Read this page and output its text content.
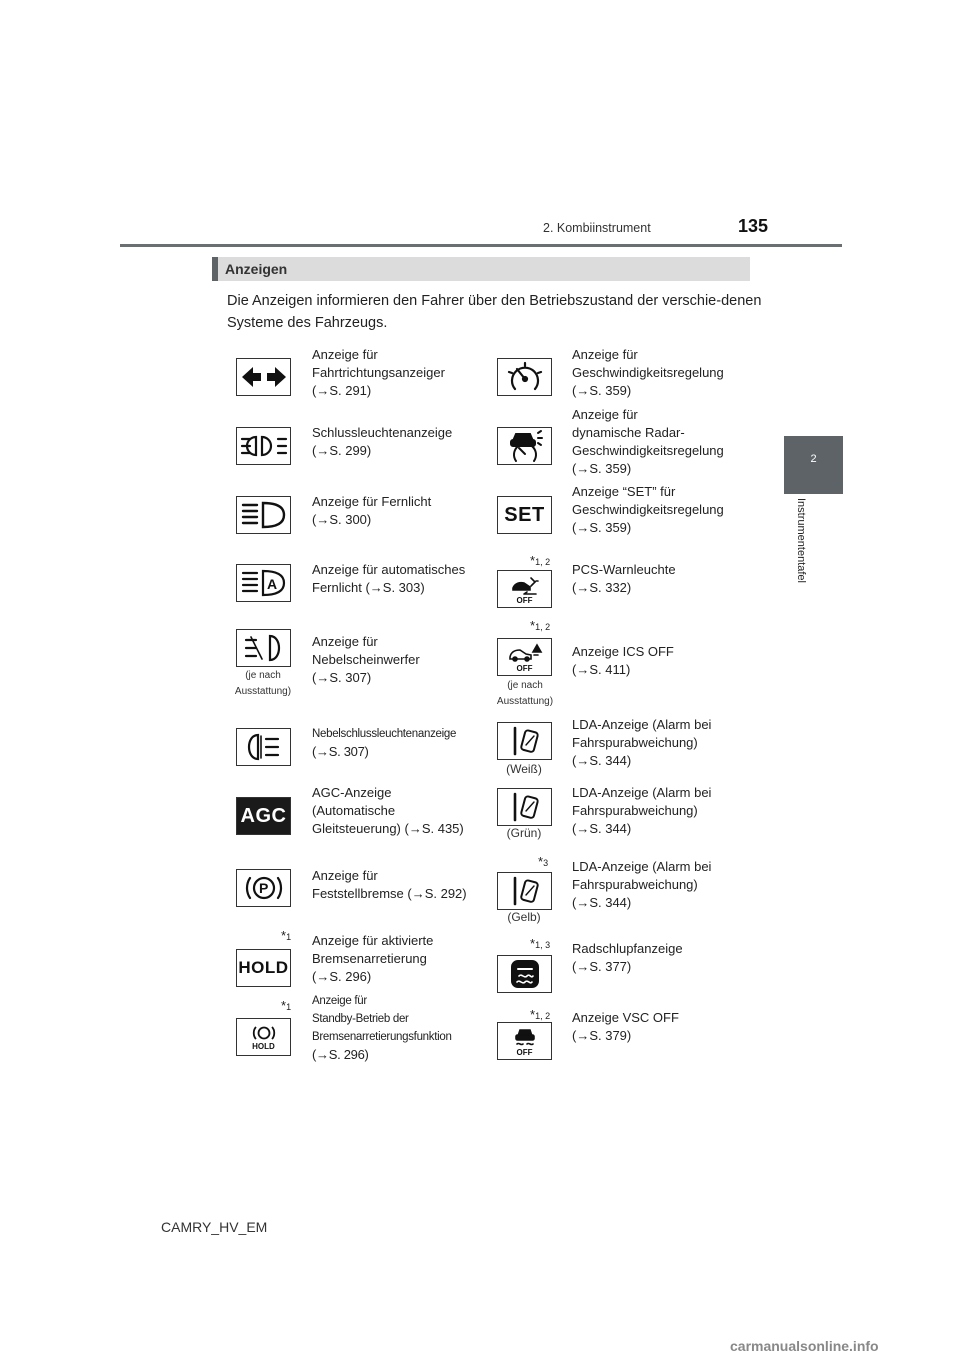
2. Kombiinstrument	135
2
Instrumententafel
Anzeigen
Die Anzeigen informieren den Fahrer über den Betriebszustand der verschie-denen Systeme des Fahrzeugs.
Anzeige für
Fahrtrichtungsanzeiger
(→S. 291)
Schlussleuchtenanzeige
(→S. 299)
Anzeige für Fernlicht
(→S. 300)
A
Anzeige für automatisches
Fernlicht (→S. 303)
(je nach Ausstattung)
Anzeige für
Nebelscheinwerfer
(→S. 307)
Nebelschlussleuchtenanzeige
(→S. 307)
AGC
AGC-Anzeige
(Automatische
Gleitsteuerung) (→S. 435)
P
Anzeige für
Feststellbremse (→S. 292)
$*_1$
HOLD
Anzeige für aktivierte
Bremsenarretierung
(→S. 296)
$*_1$
HOLD
Anzeige für
Standby-Betrieb der
Bremsenarretierungsfunktion
(→S. 296)
Anzeige für
Geschwindigkeitsregelung
(→S. 359)
Anzeige für
dynamische Radar-
Geschwindigkeitsregelung
(→S. 359)
SET
Anzeige “SET” für
Geschwindigkeitsregelung
(→S. 359)
$*_{1, 2}$
OFF
PCS-Warnleuchte
(→S. 332)
$*_{1, 2}$
OFF
(je nach Ausstattung)
Anzeige ICS OFF
(→S. 411)
(Weiß)
LDA-Anzeige (Alarm bei
Fahrspurabweichung)
(→S. 344)
(Grün)
LDA-Anzeige (Alarm bei
Fahrspurabweichung)
(→S. 344)
$*_3$
(Gelb)
LDA-Anzeige (Alarm bei
Fahrspurabweichung)
(→S. 344)
$*_{1, 3}$ Radschlupfanzeige
(→S. 377)
$*_{1, 2}$
OFF
Anzeige VSC OFF
(→S. 379)
CAMRY_HV_EM
carmanualsonline.info
